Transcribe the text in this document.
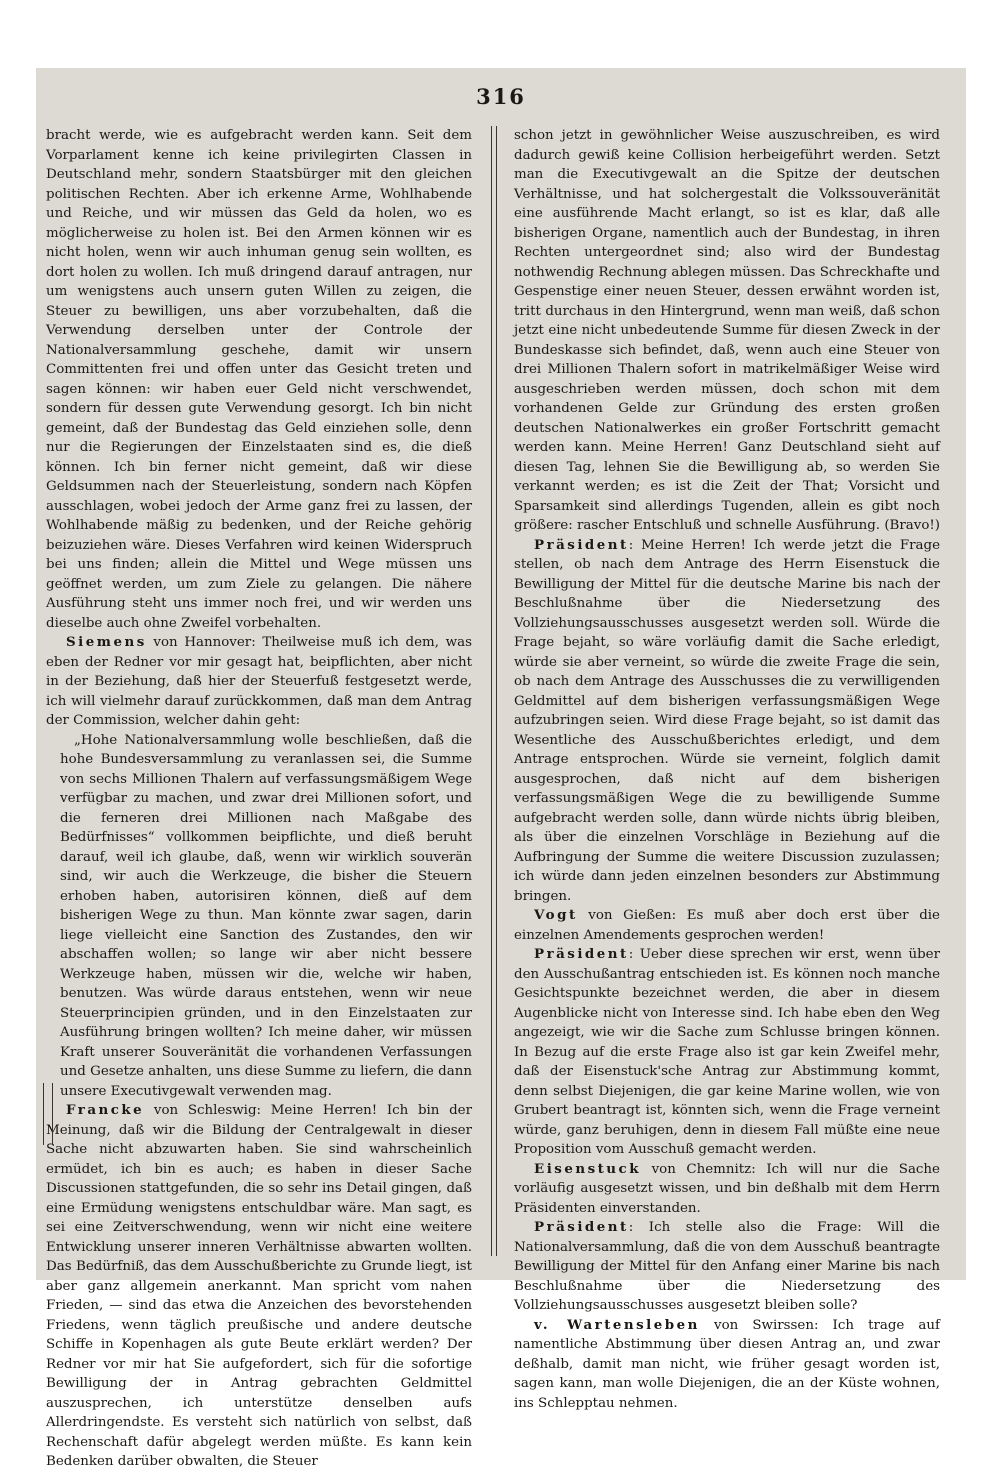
316

bracht werde, wie es aufgebracht werden kann. Seit dem Vorparlament kenne ich keine privilegirten Classen in Deutschland mehr, sondern Staatsbürger mit den gleichen politischen Rechten. Aber ich erkenne Arme, Wohlhabende und Reiche, und wir müssen das Geld da holen, wo es möglicherweise zu holen ist. Bei den Armen können wir es nicht holen, wenn wir auch inhuman genug sein wollten, es dort holen zu wollen. Ich muß dringend darauf antragen, nur um wenigstens auch unsern guten Willen zu zeigen, die Steuer zu bewilligen, uns aber vorzubehalten, daß die Verwendung derselben unter der Controle der Nationalversammlung geschehe, damit wir unsern Committenten frei und offen unter das Gesicht treten und sagen können: wir haben euer Geld nicht verschwendet, sondern für dessen gute Verwendung gesorgt. Ich bin nicht gemeint, daß der Bundestag das Geld einziehen solle, denn nur die Regierungen der Einzelstaaten sind es, die dieß können. Ich bin ferner nicht gemeint, daß wir diese Geldsummen nach der Steuerleistung, sondern nach Köpfen ausschlagen, wobei jedoch der Arme ganz frei zu lassen, der Wohlhabende mäßig zu bedenken, und der Reiche gehörig beizuziehen wäre. Dieses Verfahren wird keinen Widerspruch bei uns finden; allein die Mittel und Wege müssen uns geöffnet werden, um zum Ziele zu gelangen. Die nähere Ausführung steht uns immer noch frei, und wir werden uns dieselbe auch ohne Zweifel vorbehalten.

Siemens von Hannover: Theilweise muß ich dem, was eben der Redner vor mir gesagt hat, beipflichten, aber nicht in der Beziehung, daß hier der Steuerfuß festgesetzt werde, ich will vielmehr darauf zurückkommen, daß man dem Antrag der Commission, welcher dahin geht:

„Hohe Nationalversammlung wolle beschließen, daß die hohe Bundesversammlung zu veranlassen sei, die Summe von sechs Millionen Thalern auf verfassungsmäßigem Wege verfügbar zu machen, und zwar drei Millionen sofort, und die ferneren drei Millionen nach Maßgabe des Bedürfnisses“ vollkommen beipflichte, und dieß beruht darauf, weil ich glaube, daß, wenn wir wirklich souverän sind, wir auch die Werkzeuge, die bisher die Steuern erhoben haben, autorisiren können, dieß auf dem bisherigen Wege zu thun. Man könnte zwar sagen, darin liege vielleicht eine Sanction des Zustandes, den wir abschaffen wollen; so lange wir aber nicht bessere Werkzeuge haben, müssen wir die, welche wir haben, benutzen. Was würde daraus entstehen, wenn wir neue Steuerprincipien gründen, und in den Einzelstaaten zur Ausführung bringen wollten? Ich meine daher, wir müssen Kraft unserer Souveränität die vorhandenen Verfassungen und Gesetze anhalten, uns diese Summe zu liefern, die dann unsere Executivgewalt verwenden mag.

Francke von Schleswig: Meine Herren! Ich bin der Meinung, daß wir die Bildung der Centralgewalt in dieser Sache nicht abzuwarten haben. Sie sind wahrscheinlich ermüdet, ich bin es auch; es haben in dieser Sache Discussionen stattgefunden, die so sehr ins Detail gingen, daß eine Ermüdung wenigstens entschuldbar wäre. Man sagt, es sei eine Zeitverschwendung, wenn wir nicht eine weitere Entwicklung unserer inneren Verhältnisse abwarten wollten. Das Bedürfniß, das dem Ausschußberichte zu Grunde liegt, ist aber ganz allgemein anerkannt. Man spricht vom nahen Frieden, — sind das etwa die Anzeichen des bevorstehenden Friedens, wenn täglich preußische und andere deutsche Schiffe in Kopenhagen als gute Beute erklärt werden? Der Redner vor mir hat Sie aufgefordert, sich für die sofortige Bewilligung der in Antrag gebrachten Geldmittel auszusprechen, ich unterstütze denselben aufs Allerdringendste. Es versteht sich natürlich von selbst, daß Rechenschaft dafür abgelegt werden müßte. Es kann kein Bedenken darüber obwalten, die Steuer

schon jetzt in gewöhnlicher Weise auszuschreiben, es wird dadurch gewiß keine Collision herbeigeführt werden. Setzt man die Executivgewalt an die Spitze der deutschen Verhältnisse, und hat solchergestalt die Volkssouveränität eine ausführende Macht erlangt, so ist es klar, daß alle bisherigen Organe, namentlich auch der Bundestag, in ihren Rechten untergeordnet sind; also wird der Bundestag nothwendig Rechnung ablegen müssen. Das Schreckhafte und Gespenstige einer neuen Steuer, dessen erwähnt worden ist, tritt durchaus in den Hintergrund, wenn man weiß, daß schon jetzt eine nicht unbedeutende Summe für diesen Zweck in der Bundeskasse sich befindet, daß, wenn auch eine Steuer von drei Millionen Thalern sofort in matrikelmäßiger Weise wird ausgeschrieben werden müssen, doch schon mit dem vorhandenen Gelde zur Gründung des ersten großen deutschen Nationalwerkes ein großer Fortschritt gemacht werden kann. Meine Herren! Ganz Deutschland sieht auf diesen Tag, lehnen Sie die Bewilligung ab, so werden Sie verkannt werden; es ist die Zeit der That; Vorsicht und Sparsamkeit sind allerdings Tugenden, allein es gibt noch größere: rascher Entschluß und schnelle Ausführung. (Bravo!)

Präsident: Meine Herren! Ich werde jetzt die Frage stellen, ob nach dem Antrage des Herrn Eisenstuck die Bewilligung der Mittel für die deutsche Marine bis nach der Beschlußnahme über die Niedersetzung des Vollziehungsausschusses ausgesetzt werden soll. Würde die Frage bejaht, so wäre vorläufig damit die Sache erledigt, würde sie aber verneint, so würde die zweite Frage die sein, ob nach dem Antrage des Ausschusses die zu verwilligenden Geldmittel auf dem bisherigen verfassungsmäßigen Wege aufzubringen seien. Wird diese Frage bejaht, so ist damit das Wesentliche des Ausschußberichtes erledigt, und dem Antrage entsprochen. Würde sie verneint, folglich damit ausgesprochen, daß nicht auf dem bisherigen verfassungsmäßigen Wege die zu bewilligende Summe aufgebracht werden solle, dann würde nichts übrig bleiben, als über die einzelnen Vorschläge in Beziehung auf die Aufbringung der Summe die weitere Discussion zuzulassen; ich würde dann jeden einzelnen besonders zur Abstimmung bringen.

Vogt von Gießen: Es muß aber doch erst über die einzelnen Amendements gesprochen werden!

Präsident: Ueber diese sprechen wir erst, wenn über den Ausschußantrag entschieden ist. Es können noch manche Gesichtspunkte bezeichnet werden, die aber in diesem Augenblicke nicht von Interesse sind. Ich habe eben den Weg angezeigt, wie wir die Sache zum Schlusse bringen können. In Bezug auf die erste Frage also ist gar kein Zweifel mehr, daß der Eisenstuck'sche Antrag zur Abstimmung kommt, denn selbst Diejenigen, die gar keine Marine wollen, wie von Grubert beantragt ist, könnten sich, wenn die Frage verneint würde, ganz beruhigen, denn in diesem Fall müßte eine neue Proposition vom Ausschuß gemacht werden.

Eisenstuck von Chemnitz: Ich will nur die Sache vorläufig ausgesetzt wissen, und bin deßhalb mit dem Herrn Präsidenten einverstanden.

Präsident: Ich stelle also die Frage: Will die Nationalversammlung, daß die von dem Ausschuß beantragte Bewilligung der Mittel für den Anfang einer Marine bis nach Beschlußnahme über die Niedersetzung des Vollziehungsausschusses ausgesetzt bleiben solle?

v. Wartensleben von Swirssen: Ich trage auf namentliche Abstimmung über diesen Antrag an, und zwar deßhalb, damit man nicht, wie früher gesagt worden ist, sagen kann, man wolle Diejenigen, die an der Küste wohnen, ins Schlepptau nehmen.
